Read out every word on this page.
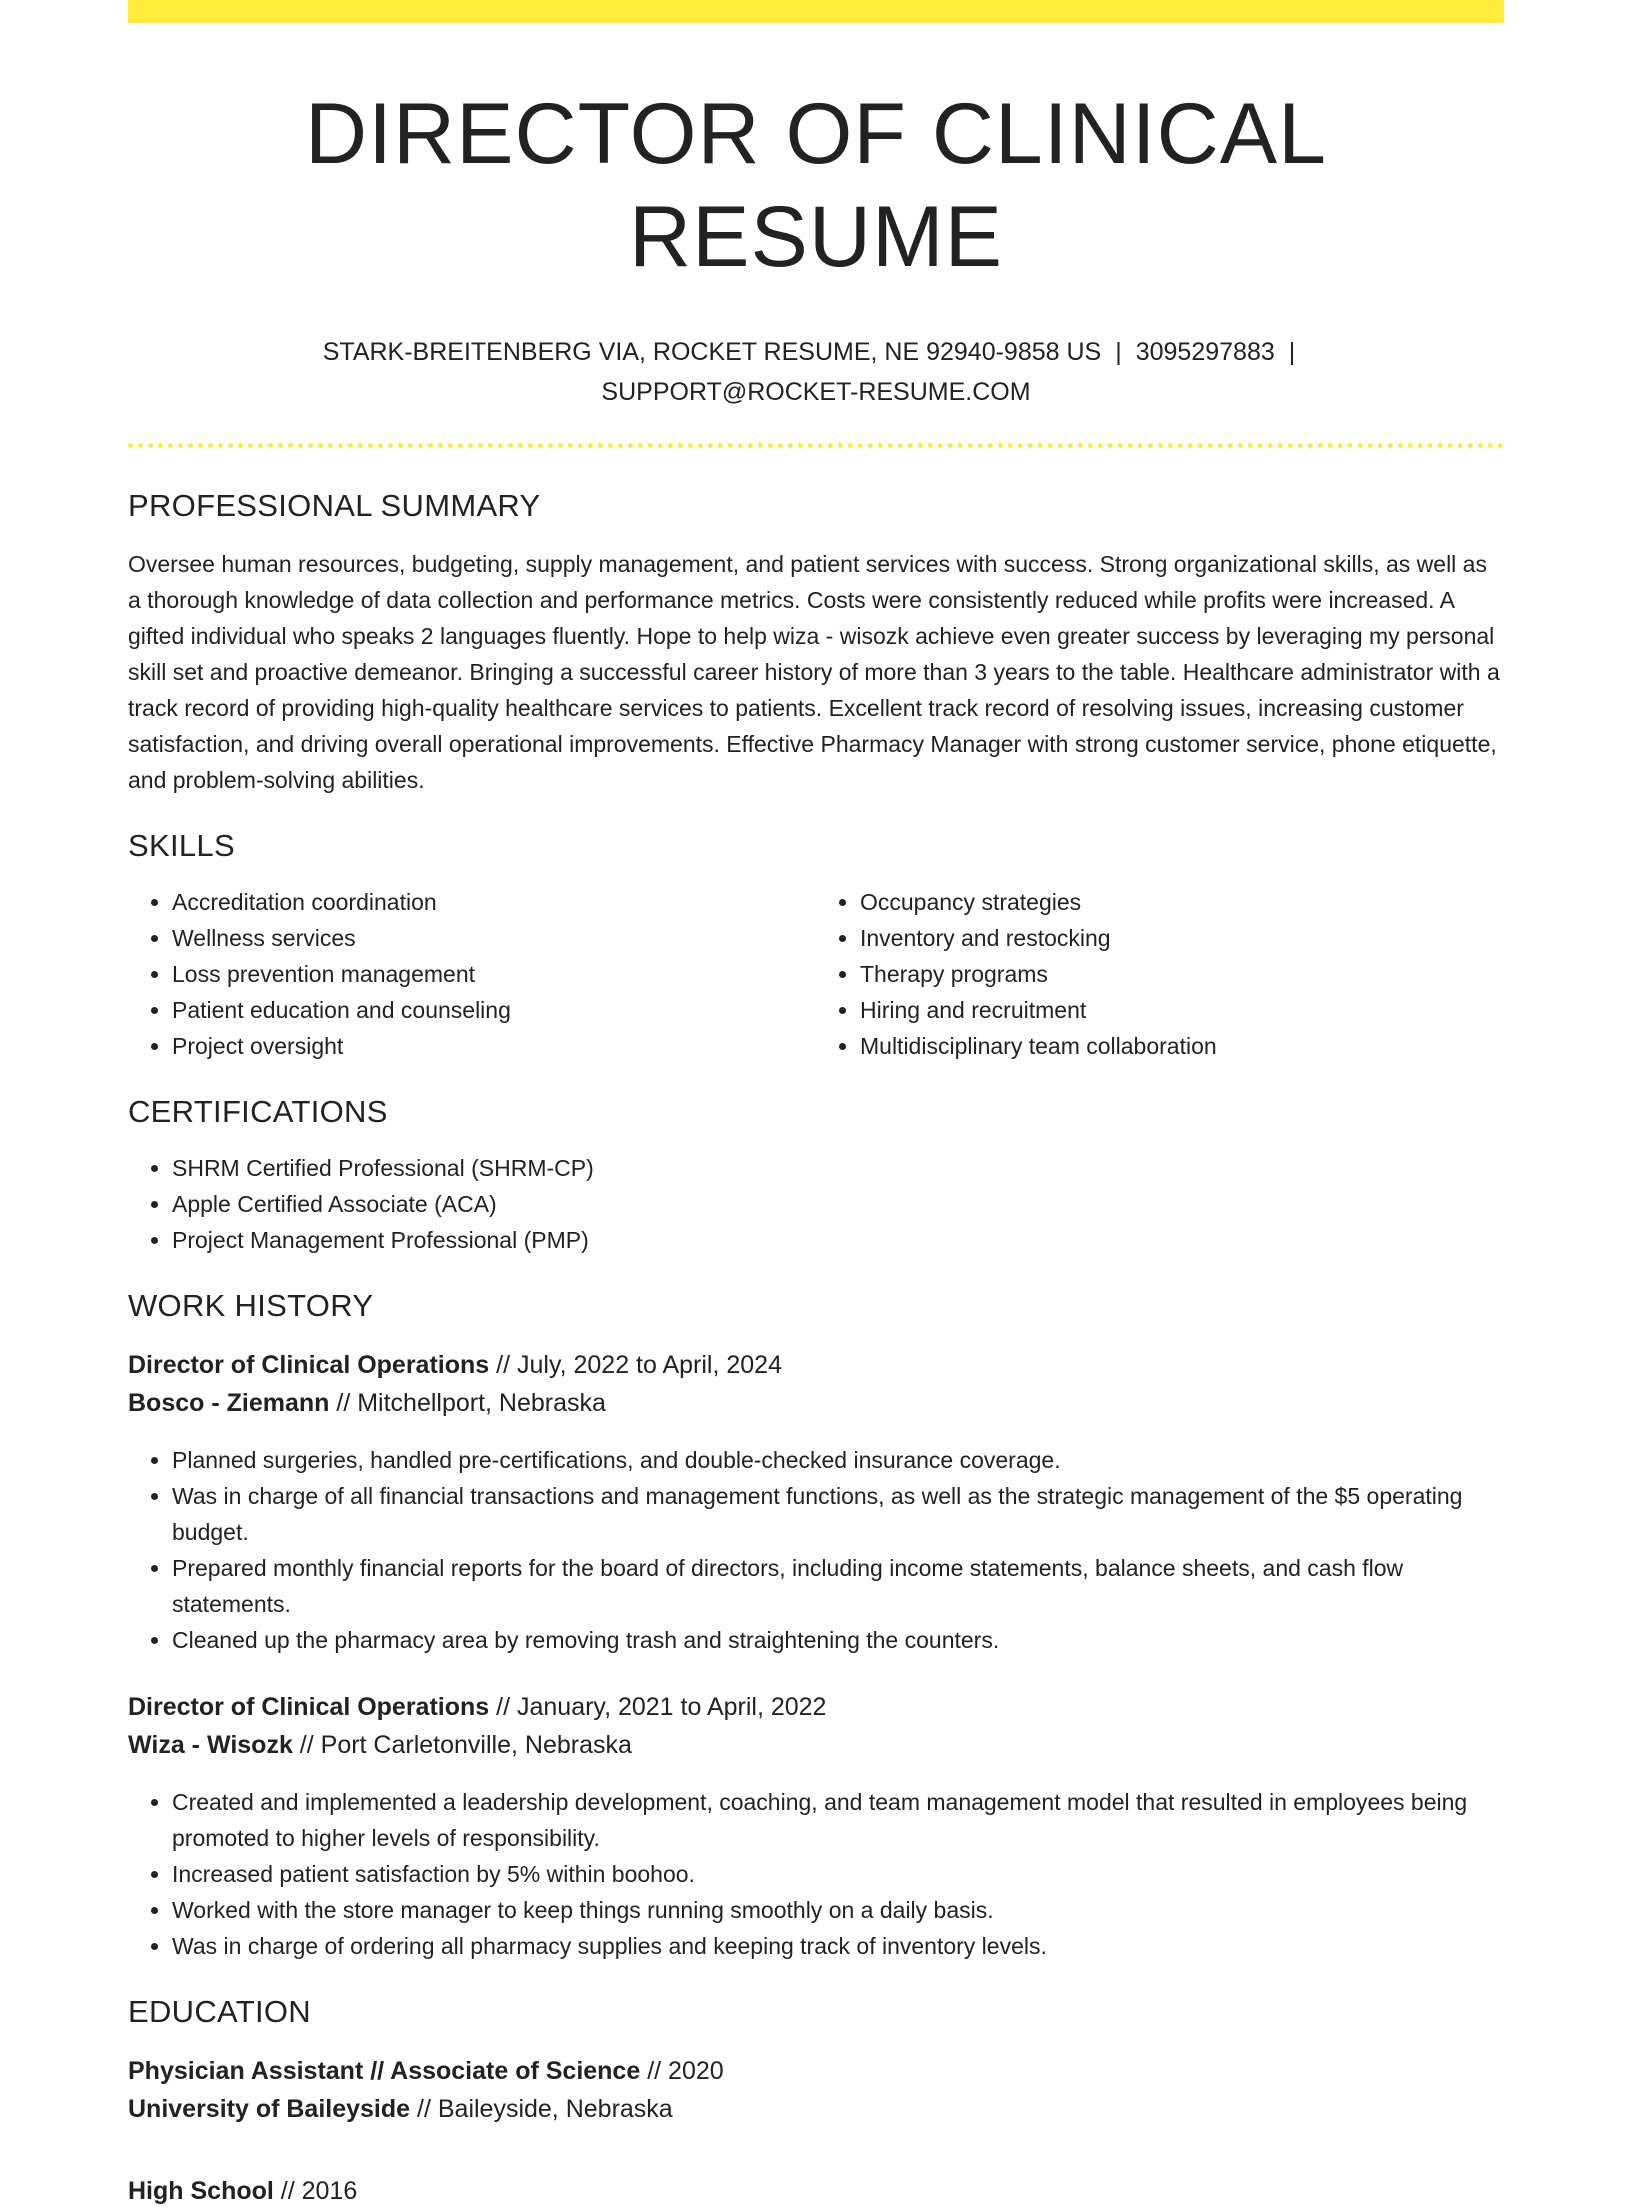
DIRECTOR OF CLINICAL RESUME
STARK-BREITENBERG VIA, ROCKET RESUME, NE 92940-9858 US | 3095297883 |
SUPPORT@ROCKET-RESUME.COM
PROFESSIONAL SUMMARY
Oversee human resources, budgeting, supply management, and patient services with success. Strong organizational skills, as well as a thorough knowledge of data collection and performance metrics. Costs were consistently reduced while profits were increased. A gifted individual who speaks 2 languages fluently. Hope to help wiza - wisozk achieve even greater success by leveraging my personal skill set and proactive demeanor. Bringing a successful career history of more than 3 years to the table. Healthcare administrator with a track record of providing high-quality healthcare services to patients. Excellent track record of resolving issues, increasing customer satisfaction, and driving overall operational improvements. Effective Pharmacy Manager with strong customer service, phone etiquette, and problem-solving abilities.
SKILLS
• Accreditation coordination
• Wellness services
• Loss prevention management
• Patient education and counseling
• Project oversight
• Occupancy strategies
• Inventory and restocking
• Therapy programs
• Hiring and recruitment
• Multidisciplinary team collaboration
CERTIFICATIONS
• SHRM Certified Professional (SHRM-CP)
• Apple Certified Associate (ACA)
• Project Management Professional (PMP)
WORK HISTORY
Director of Clinical Operations // July, 2022 to April, 2024
Bosco - Ziemann // Mitchellport, Nebraska
• Planned surgeries, handled pre-certifications, and double-checked insurance coverage.
• Was in charge of all financial transactions and management functions, as well as the strategic management of the $5 operating budget.
• Prepared monthly financial reports for the board of directors, including income statements, balance sheets, and cash flow statements.
• Cleaned up the pharmacy area by removing trash and straightening the counters.
Director of Clinical Operations // January, 2021 to April, 2022
Wiza - Wisozk // Port Carletonville, Nebraska
• Created and implemented a leadership development, coaching, and team management model that resulted in employees being promoted to higher levels of responsibility.
• Increased patient satisfaction by 5% within boohoo.
• Worked with the store manager to keep things running smoothly on a daily basis.
• Was in charge of ordering all pharmacy supplies and keeping track of inventory levels.
EDUCATION
Physician Assistant // Associate of Science // 2020
University of Baileyside // Baileyside, Nebraska
High School // 2016
